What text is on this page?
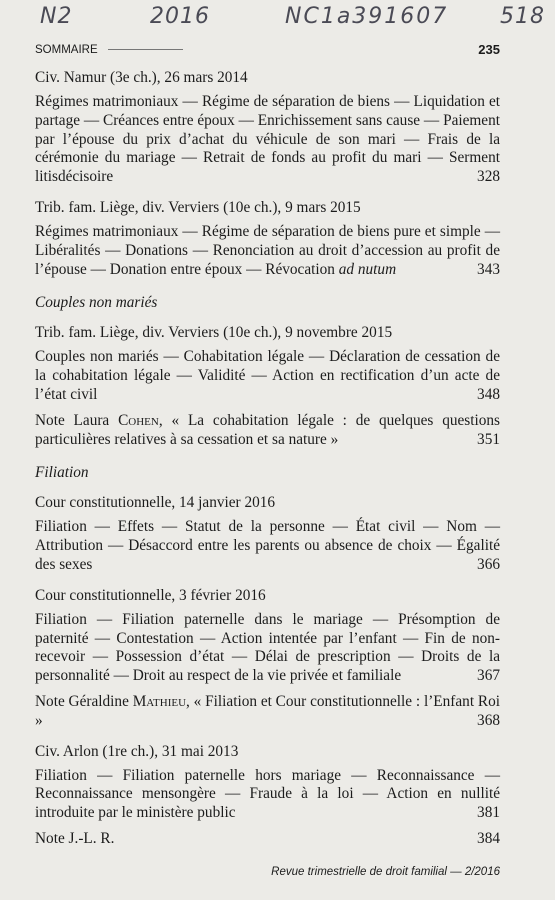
N2	2016	NC1a391607 518
SOMMAIRE	235
Civ. Namur (3e ch.), 26 mars 2014
Régimes matrimoniaux — Régime de séparation de biens — Liquidation et partage — Créances entre époux — Enrichissement sans cause — Paiement par l’épouse du prix d’achat du véhicule de son mari — Frais de la cérémonie du mariage — Retrait de fonds au profit du mari — Serment litisdécisoire	328
Trib. fam. Liège, div. Verviers (10e ch.), 9 mars 2015
Régimes matrimoniaux — Régime de séparation de biens pure et simple — Libéralités — Donations — Renonciation au droit d’accession au profit de l’épouse — Donation entre époux — Révocation ad nutum	343
Couples non mariés
Trib. fam. Liège, div. Verviers (10e ch.), 9 novembre 2015
Couples non mariés — Cohabitation légale — Déclaration de cessation de la cohabitation légale — Validité — Action en rectification d’un acte de l’état civil	348
Note Laura Cohen, « La cohabitation légale : de quelques questions particulières relatives à sa cessation et sa nature »	351
Filiation
Cour constitutionnelle, 14 janvier 2016
Filiation — Effets — Statut de la personne — État civil — Nom — Attribution — Désaccord entre les parents ou absence de choix — Égalité des sexes	366
Cour constitutionnelle, 3 février 2016
Filiation — Filiation paternelle dans le mariage — Présomption de paternité — Contestation — Action intentée par l’enfant — Fin de non-recevoir — Possession d’état — Délai de prescription — Droits de la personnalité — Droit au respect de la vie privée et familiale	367
Note Géraldine Mathieu, « Filiation et Cour constitutionnelle : l’Enfant Roi »	368
Civ. Arlon (1re ch.), 31 mai 2013
Filiation — Filiation paternelle hors mariage — Reconnaissance — Reconnaissance mensongère — Fraude à la loi — Action en nullité introduite par le ministère public	381
Note J.-L. R.	384
Revue trimestrielle de droit familial — 2/2016
